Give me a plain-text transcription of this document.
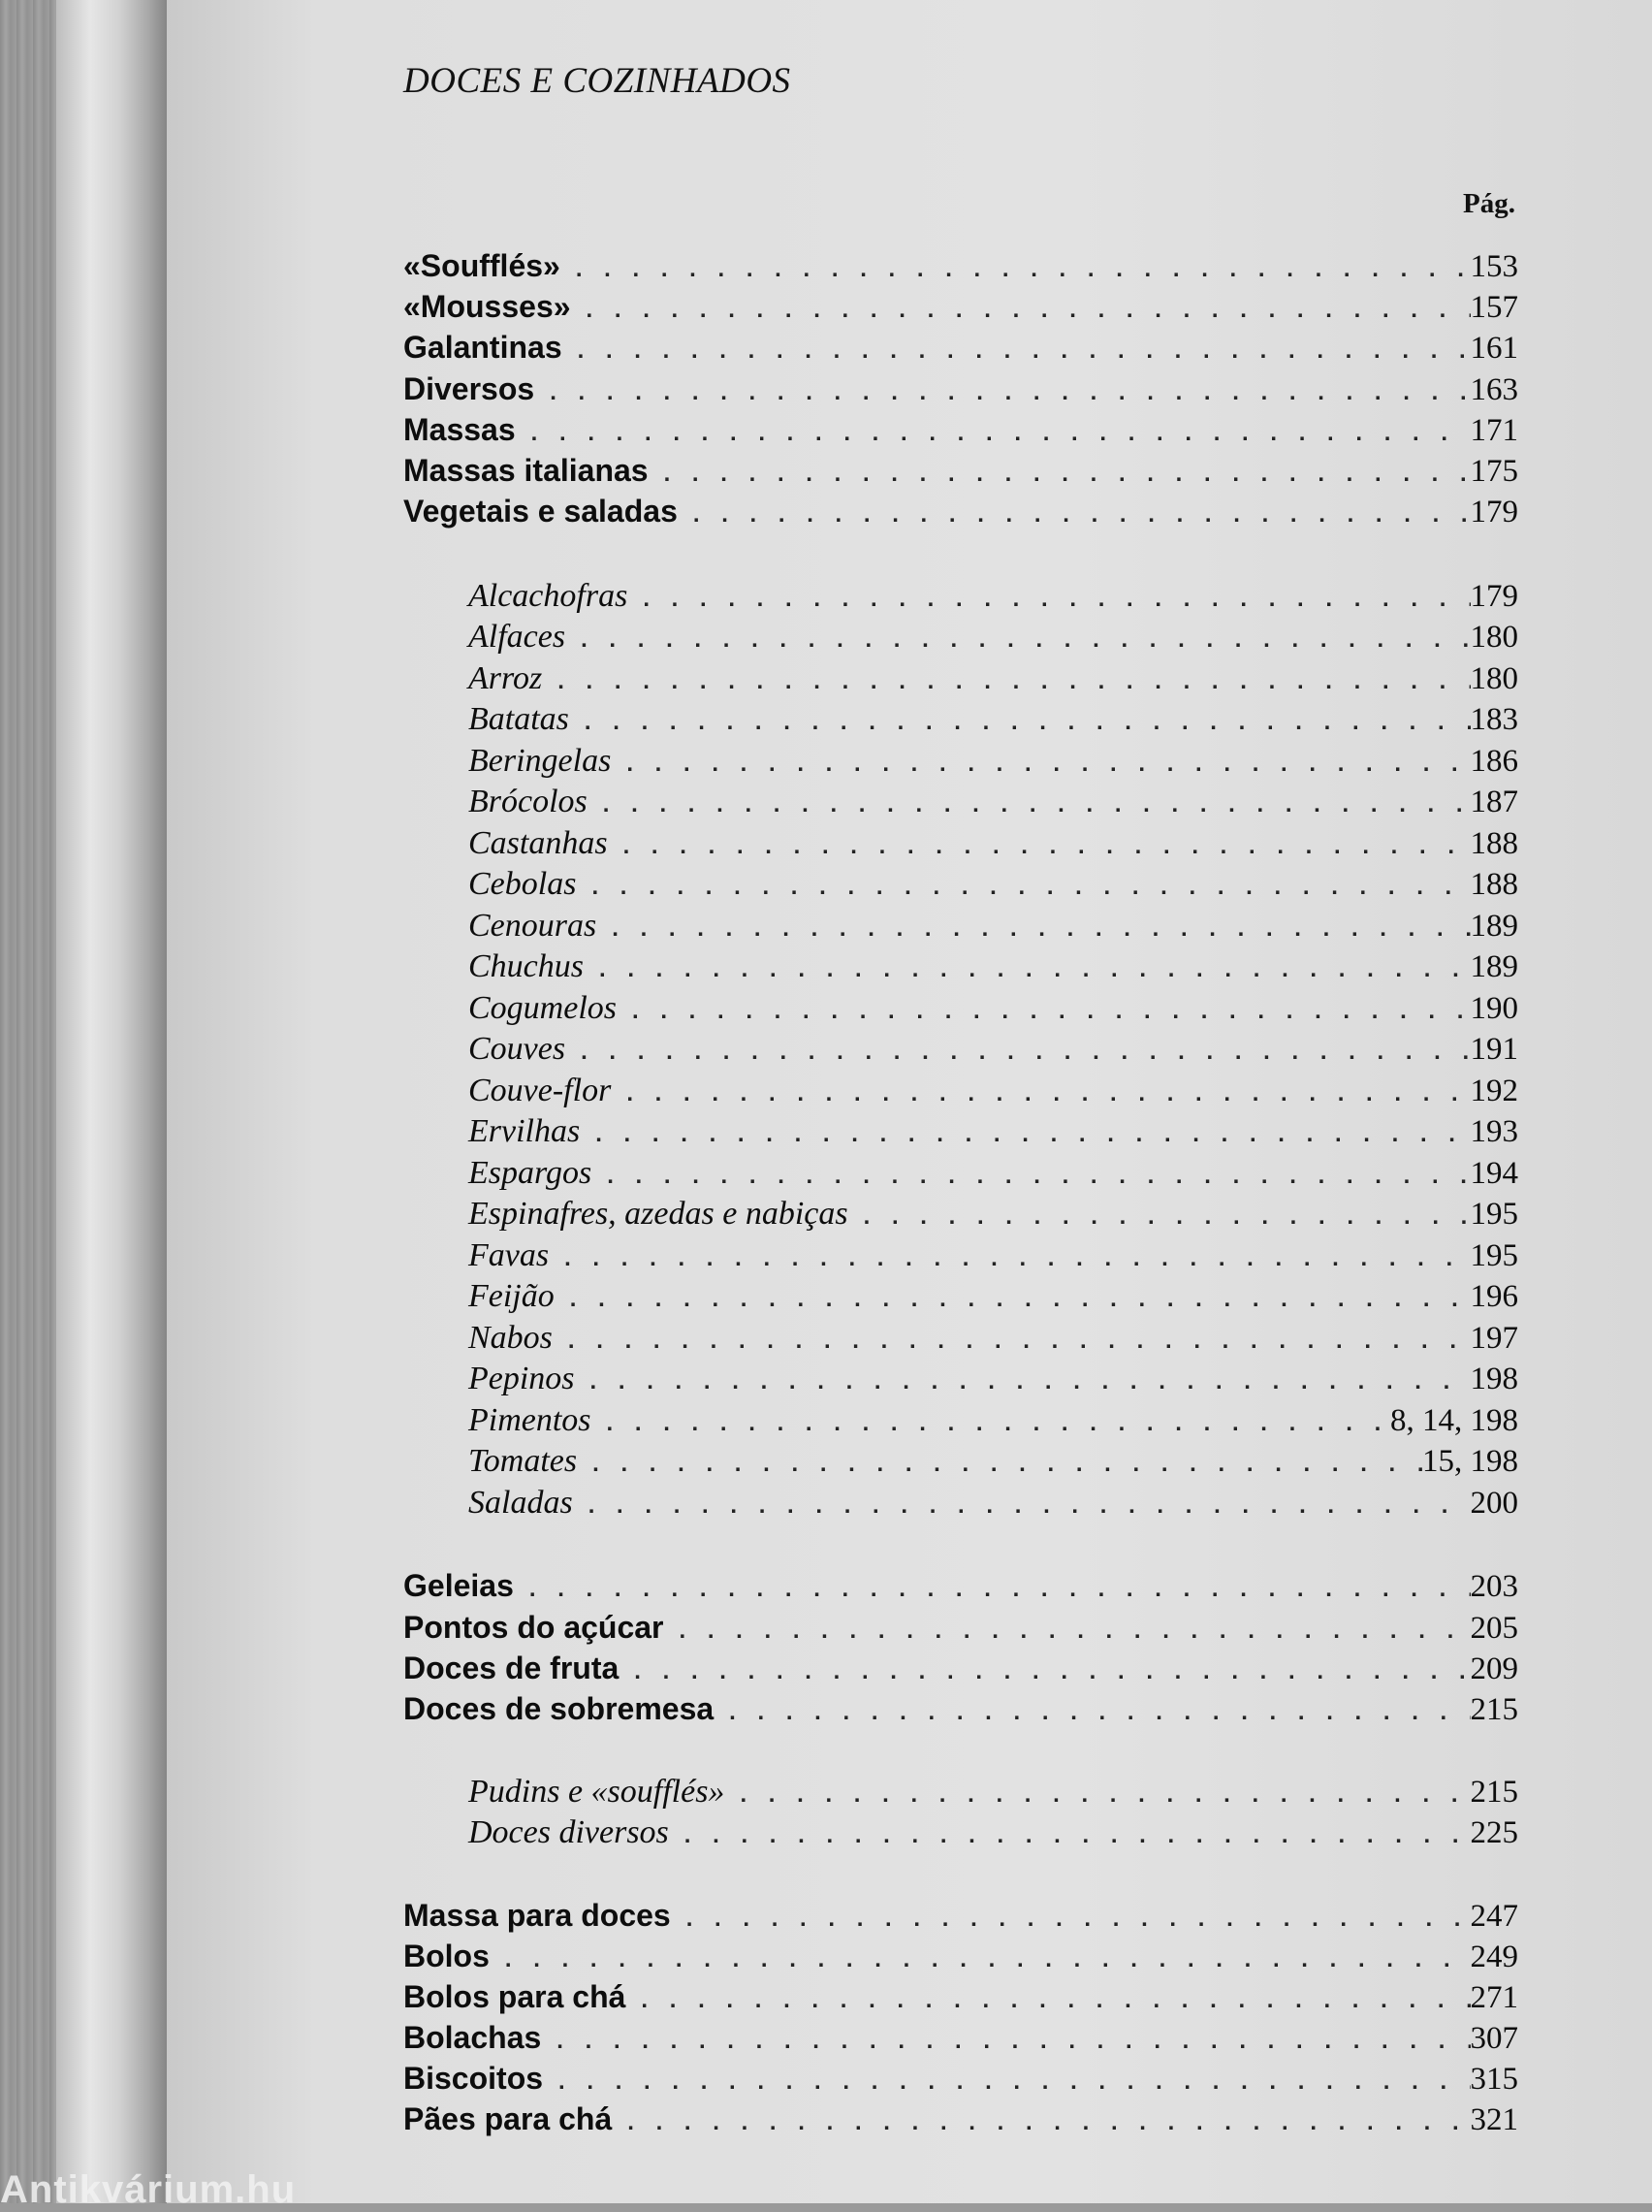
DOCES E COZINHADOS
Pág.
«Soufflés» . . .	153
«Mousses» . . .	157
Galantinas . . .	161
Diversos . . .	163
Massas . . .	171
Massas italianas . . .	175
Vegetais e saladas . . .	179
Alcachofras . . .	179
Alfaces . . .	180
Arroz . . .	180
Batatas . . .	183
Beringelas . . .	186
Brócolos . . .	187
Castanhas . . .	188
Cebolas . . .	188
Cenouras . . .	189
Chuchus . . .	189
Cogumelos . . .	190
Couves . . .	191
Couve-flor . . .	192
Ervilhas . . .	193
Espargos . . .	194
Espinafres, azedas e nabiças . . .	195
Favas . . .	195
Feijão . . .	196
Nabos . . .	197
Pepinos . . .	198
Pimentos . . .	8, 14, 198
Tomates . . .	15, 198
Saladas . . .	200
Geleias . . .	203
Pontos do açúcar . . .	205
Doces de fruta . . .	209
Doces de sobremesa . . .	215
Pudins e «soufflés» . . .	215
Doces diversos . . .	225
Massa para doces . . .	247
Bolos . . .	249
Bolos para chá . . .	271
Bolachas . . .	307
Biscoitos . . .	315
Pães para chá . . .	321
Antikvárium.hu
